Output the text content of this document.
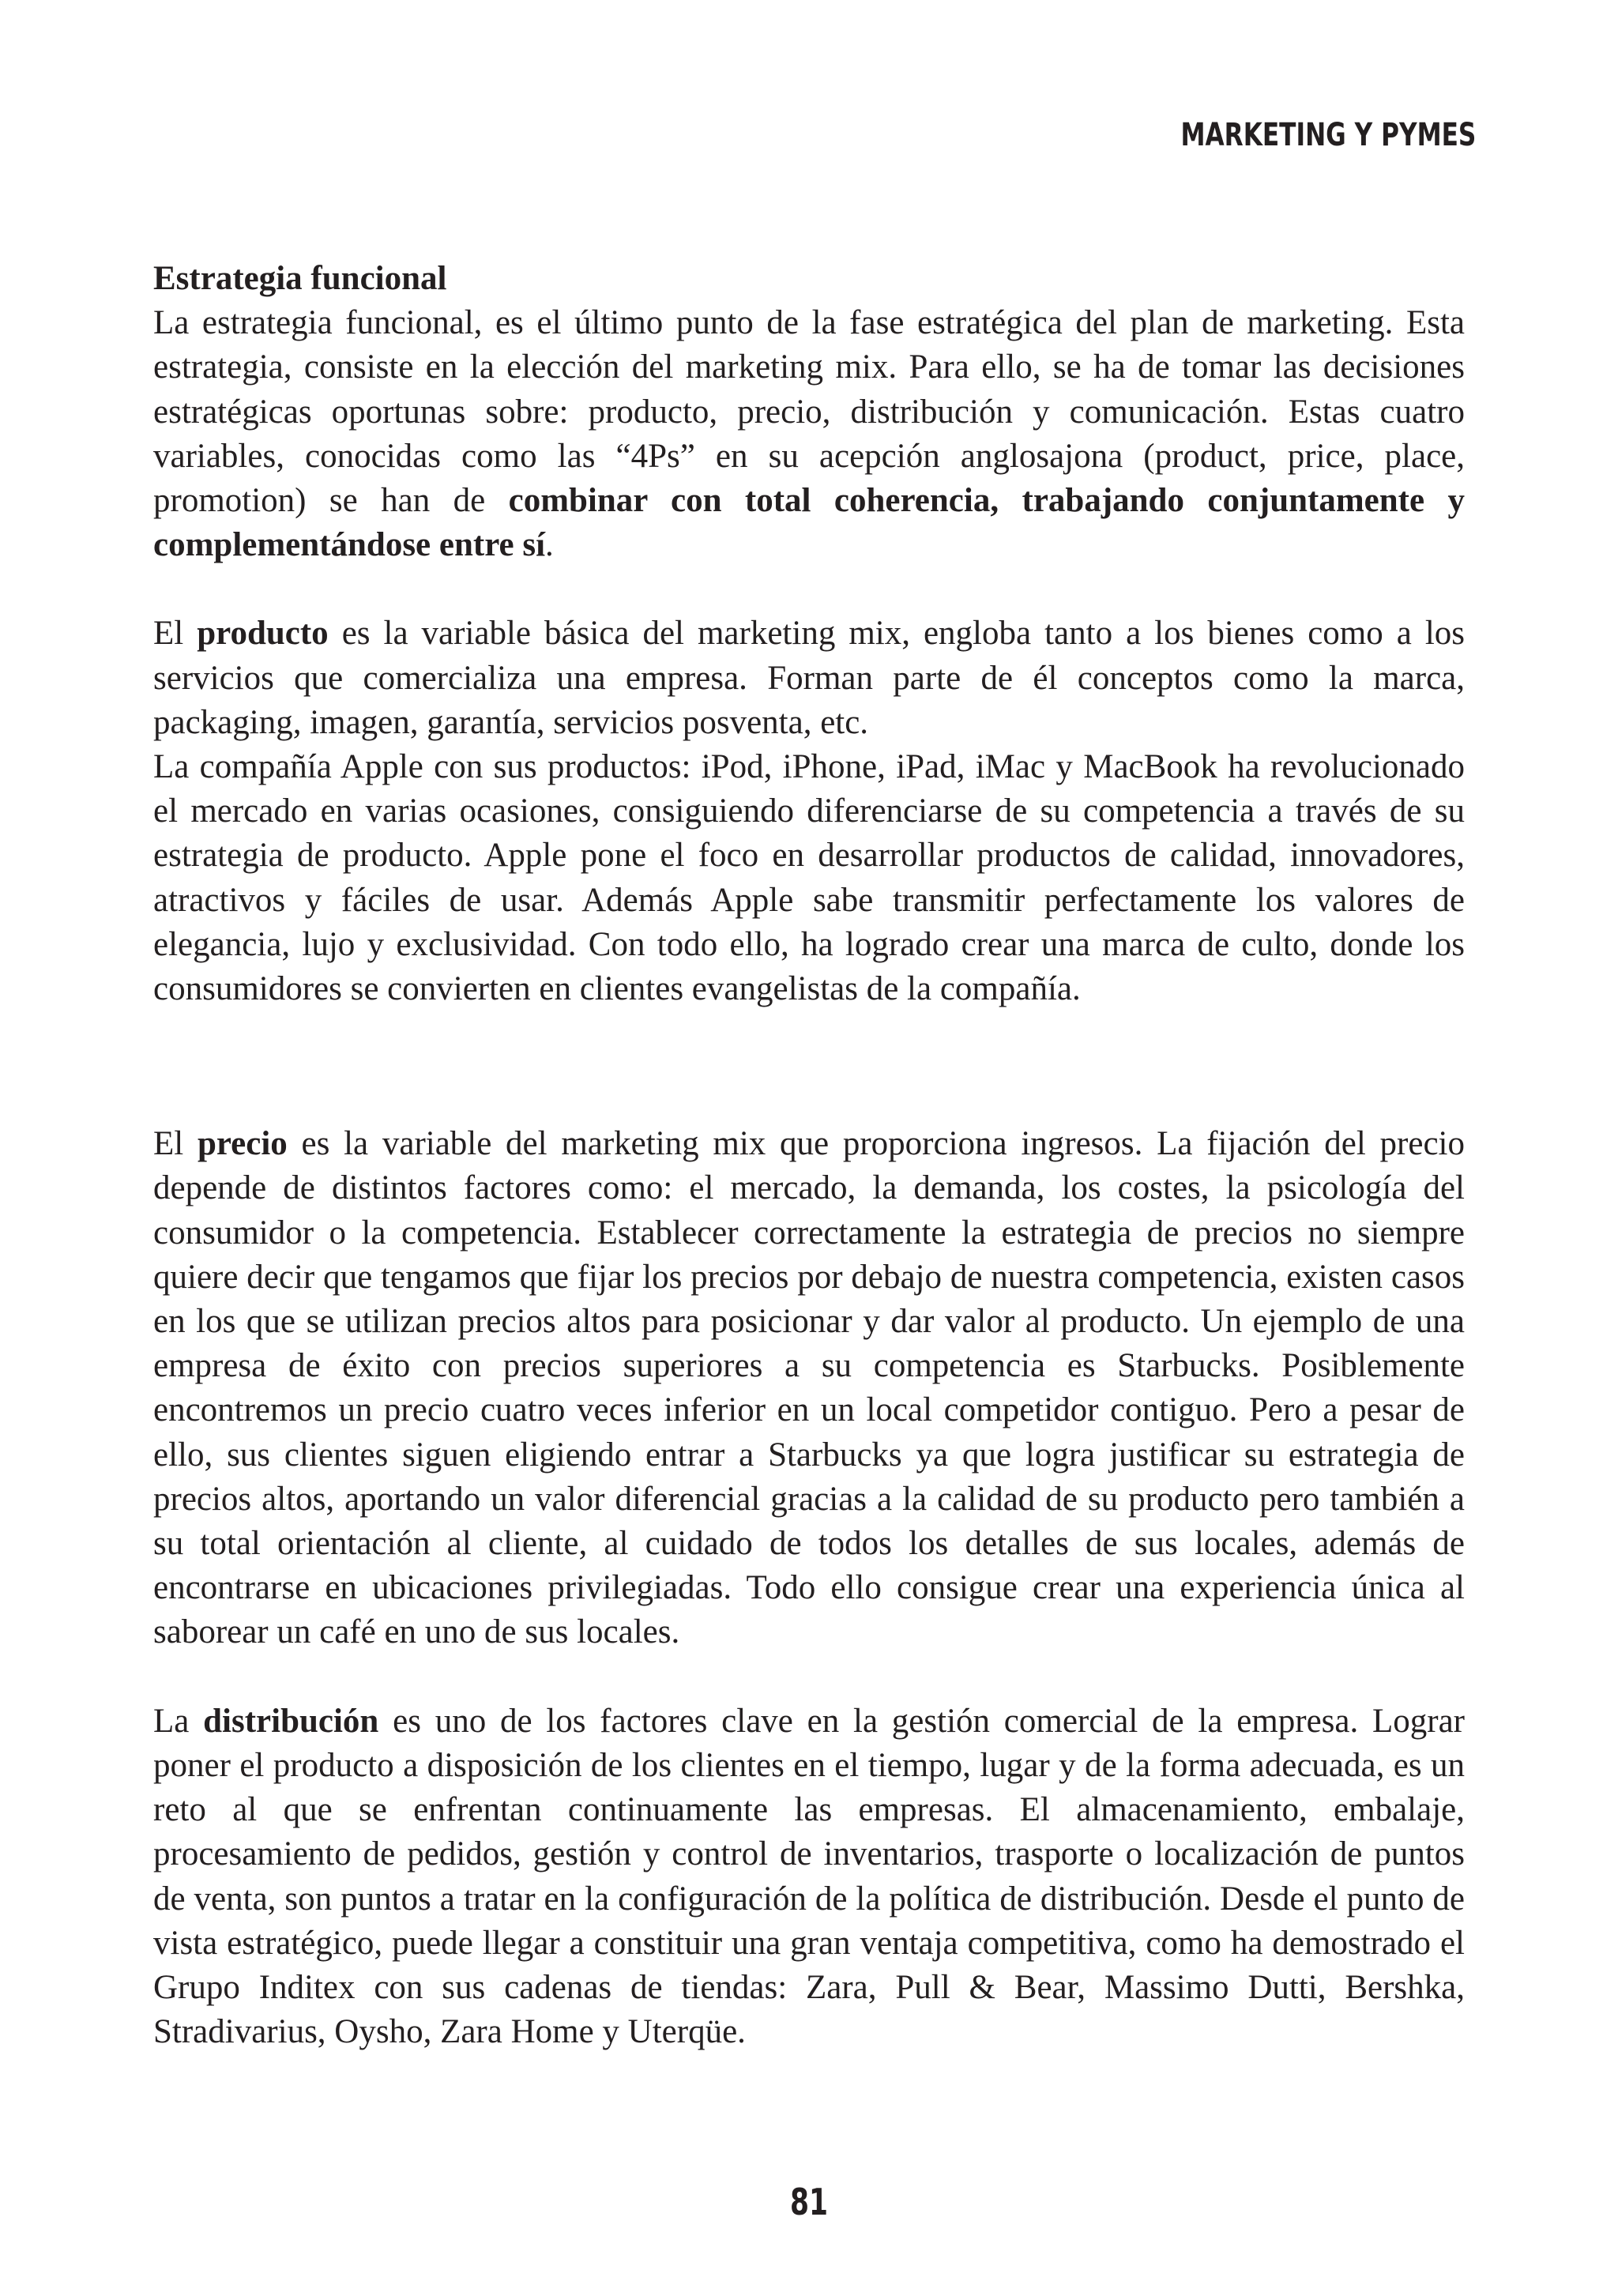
MARKETING Y PYMES

Estrategia funcional
La estrategia funcional, es el último punto de la fase estratégica del plan de marketing. Esta estrategia, consiste en la elección del marketing mix. Para ello, se ha de tomar las decisiones estratégicas oportunas sobre: producto, precio, distribución y comunicación. Estas cuatro variables, conocidas como las “4Ps” en su acepción anglosajona (product, price, place, promotion) se han de combinar con total coherencia, trabajando conjuntamente y complementándose entre sí.

El producto es la variable básica del marketing mix, engloba tanto a los bienes como a los servicios que comercializa una empresa. Forman parte de él conceptos como la marca, packaging, imagen, garantía, servicios posventa, etc.

La compañía Apple con sus productos: iPod, iPhone, iPad, iMac y MacBook ha revolucionado el mercado en varias ocasiones, consiguiendo diferenciarse de su competencia a través de su estrategia de producto. Apple pone el foco en desarrollar productos de calidad, innovadores, atractivos y fáciles de usar. Además Apple sabe transmitir perfectamente los valores de elegancia, lujo y exclusividad. Con todo ello, ha logrado crear una marca de culto, donde los consumidores se convierten en clientes evangelistas de la compañía.

El precio es la variable del marketing mix que proporciona ingresos. La fijación del precio depende de distintos factores como: el mercado, la demanda, los costes, la psicología del consumidor o la competencia. Establecer correctamente la estrategia de precios no siempre quiere decir que tengamos que fijar los precios por debajo de nuestra competencia, existen casos en los que se utilizan precios altos para posicionar y dar valor al producto. Un ejemplo de una empresa de éxito con precios superiores a su competencia es Starbucks. Posiblemente encontremos un precio cuatro veces inferior en un local competidor contiguo. Pero a pesar de ello, sus clientes siguen eligiendo entrar a Starbucks ya que logra justificar su estrategia de precios altos, aportando un valor diferencial gracias a la calidad de su producto pero también a su total orientación al cliente, al cuidado de todos los detalles de sus locales, además de encontrarse en ubicaciones privilegiadas. Todo ello consigue crear una experiencia única al saborear un café en uno de sus locales.

La distribución es uno de los factores clave en la gestión comercial de la empresa. Lograr poner el producto a disposición de los clientes en el tiempo, lugar y de la forma adecuada, es un reto al que se enfrentan continuamente las empresas. El almacenamiento, embalaje, procesamiento de pedidos, gestión y control de inventarios, trasporte o localización de puntos de venta, son puntos a tratar en la configuración de la política de distribución. Desde el punto de vista estratégico, puede llegar a constituir una gran ventaja competitiva, como ha demostrado el Grupo Inditex con sus cadenas de tiendas: Zara, Pull & Bear, Massimo Dutti, Bershka, Stradivarius, Oysho, Zara Home y Uterqüe.

81
